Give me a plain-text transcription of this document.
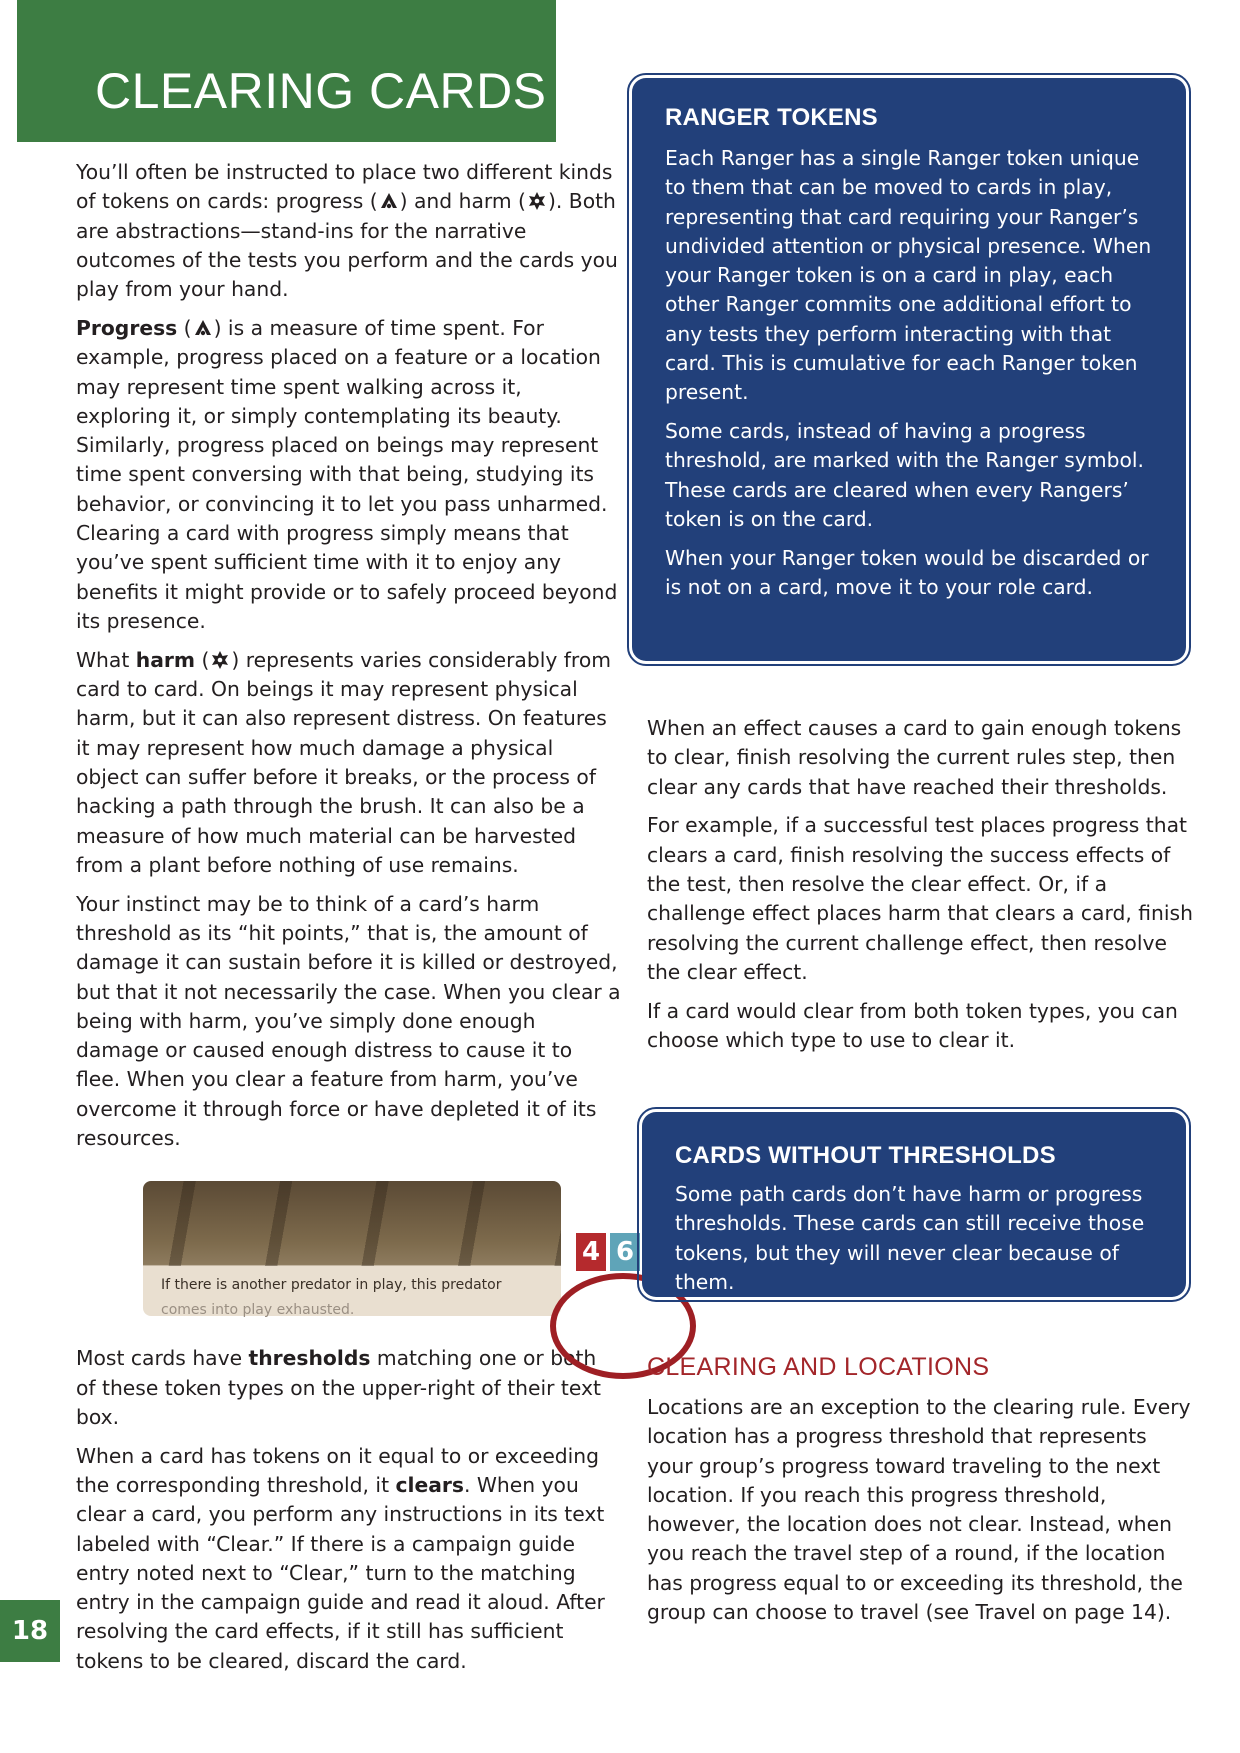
CLEARING CARDS

You’ll often be instructed to place two different kinds of tokens on cards: progress ( ) and harm ( ). Both are abstractions—stand-ins for the narrative outcomes of the tests you perform and the cards you play from your hand.

Progress ( ) is a measure of time spent. For example, progress placed on a feature or a location may represent time spent walking across it, exploring it, or simply contemplating its beauty. Similarly, progress placed on beings may represent time spent conversing with that being, studying its behavior, or convincing it to let you pass unharmed. Clearing a card with progress simply means that you’ve spent sufficient time with it to enjoy any benefits it might provide or to safely proceed beyond its presence.

What harm ( ) represents varies considerably from card to card. On beings it may represent physical harm, but it can also represent distress. On features it may represent how much damage a physical object can suffer before it breaks, or the process of hacking a path through the brush. It can also be a measure of how much material can be harvested from a plant before nothing of use remains.

Your instinct may be to think of a card’s harm threshold as its “hit points,” that is, the amount of damage it can sustain before it is killed or destroyed, but that it not necessarily the case. When you clear a being with harm, you’ve simply done enough damage or caused enough distress to cause it to flee. When you clear a feature from harm, you’ve overcome it through force or have depleted it of its resources.

4 6
If there is another predator in play, this predator
comes into play exhausted.

Most cards have thresholds matching one or both of these token types on the upper-right of their text box.

When a card has tokens on it equal to or exceeding the corresponding threshold, it clears. When you clear a card, you perform any instructions in its text labeled with “Clear.” If there is a campaign guide entry noted next to “Clear,” turn to the matching entry in the campaign guide and read it aloud. After resolving the card effects, if it still has sufficient tokens to be cleared, discard the card.

RANGER TOKENS

Each Ranger has a single Ranger token unique to them that can be moved to cards in play, representing that card requiring your Ranger’s undivided attention or physical presence. When your Ranger token is on a card in play, each other Ranger commits one additional effort to any tests they perform interacting with that card. This is cumulative for each Ranger token present.

Some cards, instead of having a progress threshold, are marked with the Ranger symbol. These cards are cleared when every Rangers’ token is on the card.

When your Ranger token would be discarded or is not on a card, move it to your role card.

When an effect causes a card to gain enough tokens to clear, finish resolving the current rules step, then clear any cards that have reached their thresholds.

For example, if a successful test places progress that clears a card, finish resolving the success effects of the test, then resolve the clear effect. Or, if a challenge effect places harm that clears a card, finish resolving the current challenge effect, then resolve the clear effect.

If a card would clear from both token types, you can choose which type to use to clear it.

CARDS WITHOUT THRESHOLDS

Some path cards don’t have harm or progress thresholds. These cards can still receive those tokens, but they will never clear because of them.

CLEARING AND LOCATIONS

Locations are an exception to the clearing rule. Every location has a progress threshold that represents your group’s progress toward traveling to the next location. If you reach this progress threshold, however, the location does not clear. Instead, when you reach the travel step of a round, if the location has progress equal to or exceeding its threshold, the group can choose to travel (see Travel on page 14).

18
